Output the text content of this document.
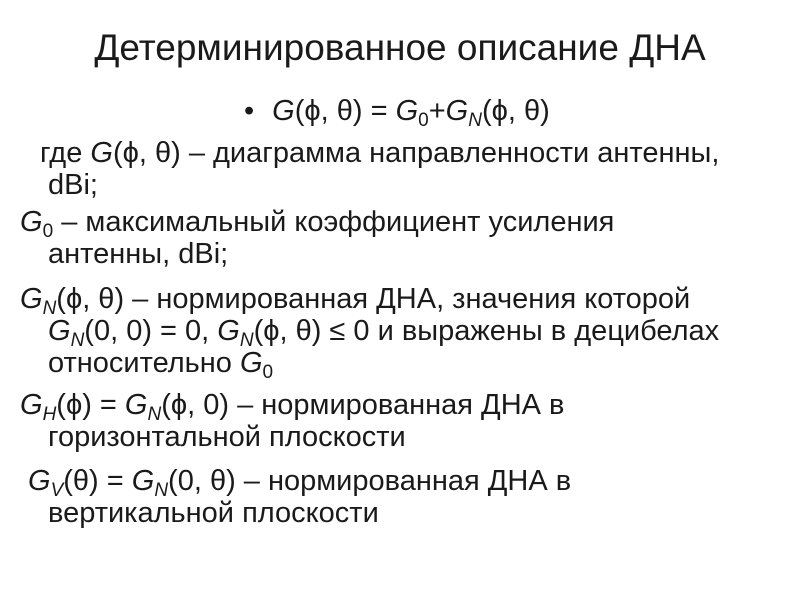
Детерминированное описание ДНА

• G(ϕ, $\theta) = G_0+G_N(\phi$, θ)

где G(ϕ, θ) – диаграмма направленности антенны,

dBi;

$G_0$ – максимальный коэффициент усиления

антенны, dBi;

$G_N(\phi$, θ) – нормированная ДНА, значения которой

$G_N(0$, 0) = 0, $G_N(\phi$, θ) ≤ 0 и выражены в децибелах

относительно $G_0$

$G_H(\phi) = G_N(\phi$, 0) – нормированная ДНА в

горизонтальной плоскости

$G_V(\theta) = G_N(0$, θ) – нормированная ДНА в

вертикальной плоскости
